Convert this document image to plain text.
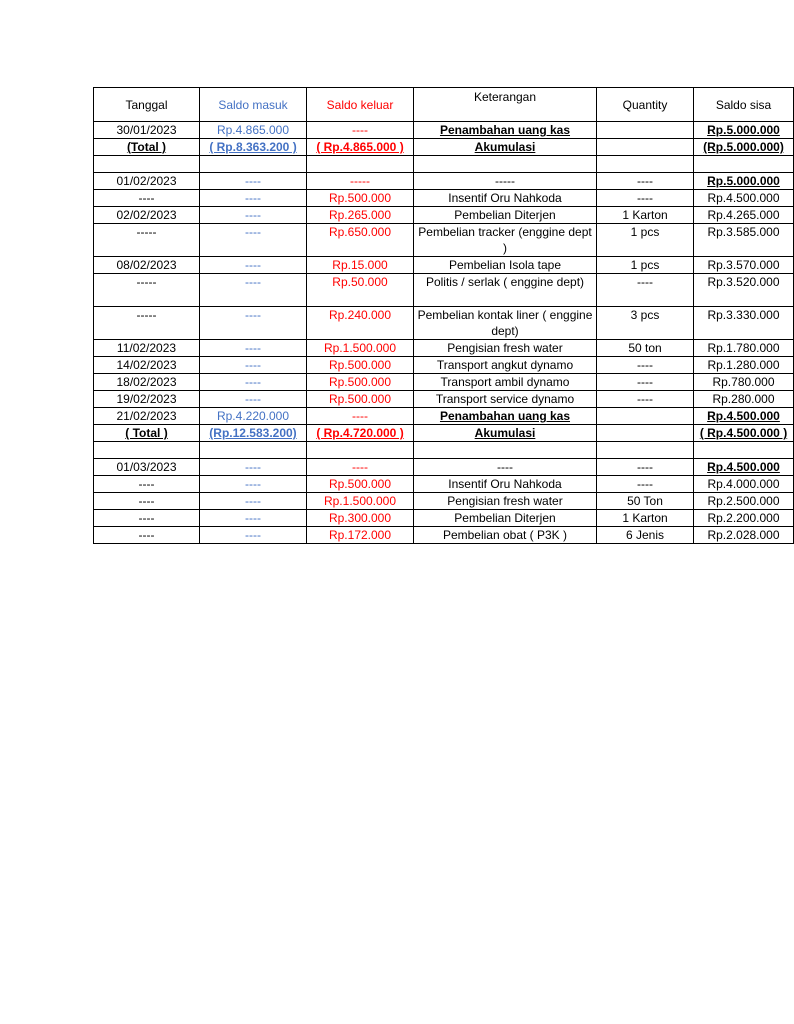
Tanggal	Saldo masuk	Saldo keluar	Keterangan	Quantity	Saldo sisa
30/01/2023	Rp.4.865.000	----	Penambahan uang kas		Rp.5.000.000
(Total )	( Rp.8.363.200 )	( Rp.4.865.000 )	Akumulasi		(Rp.5.000.000)

01/02/2023	----	-----	-----	----	Rp.5.000.000
----	----	Rp.500.000	Insentif Oru Nahkoda	----	Rp.4.500.000
02/02/2023	----	Rp.265.000	Pembelian Diterjen	1 Karton	Rp.4.265.000
-----	----	Rp.650.000	Pembelian tracker (enggine dept )	1 pcs	Rp.3.585.000
08/02/2023	----	Rp.15.000	Pembelian Isola tape	1 pcs	Rp.3.570.000
-----	----	Rp.50.000	Politis / serlak ( enggine dept)	----	Rp.3.520.000
-----	----	Rp.240.000	Pembelian kontak liner ( enggine dept)	3 pcs	Rp.3.330.000
11/02/2023	----	Rp.1.500.000	Pengisian fresh water	50 ton	Rp.1.780.000
14/02/2023	----	Rp.500.000	Transport angkut dynamo	----	Rp.1.280.000
18/02/2023	----	Rp.500.000	Transport ambil dynamo	----	Rp.780.000
19/02/2023	----	Rp.500.000	Transport service dynamo	----	Rp.280.000
21/02/2023	Rp.4.220.000	----	Penambahan uang kas		Rp.4.500.000
( Total )	(Rp.12.583.200)	( Rp.4.720.000 )	Akumulasi		( Rp.4.500.000 )

01/03/2023	----	----	----	----	Rp.4.500.000
----	----	Rp.500.000	Insentif Oru Nahkoda	----	Rp.4.000.000
----	----	Rp.1.500.000	Pengisian fresh water	50 Ton	Rp.2.500.000
----	----	Rp.300.000	Pembelian Diterjen	1 Karton	Rp.2.200.000
----	----	Rp.172.000	Pembelian obat ( P3K )	6 Jenis	Rp.2.028.000
